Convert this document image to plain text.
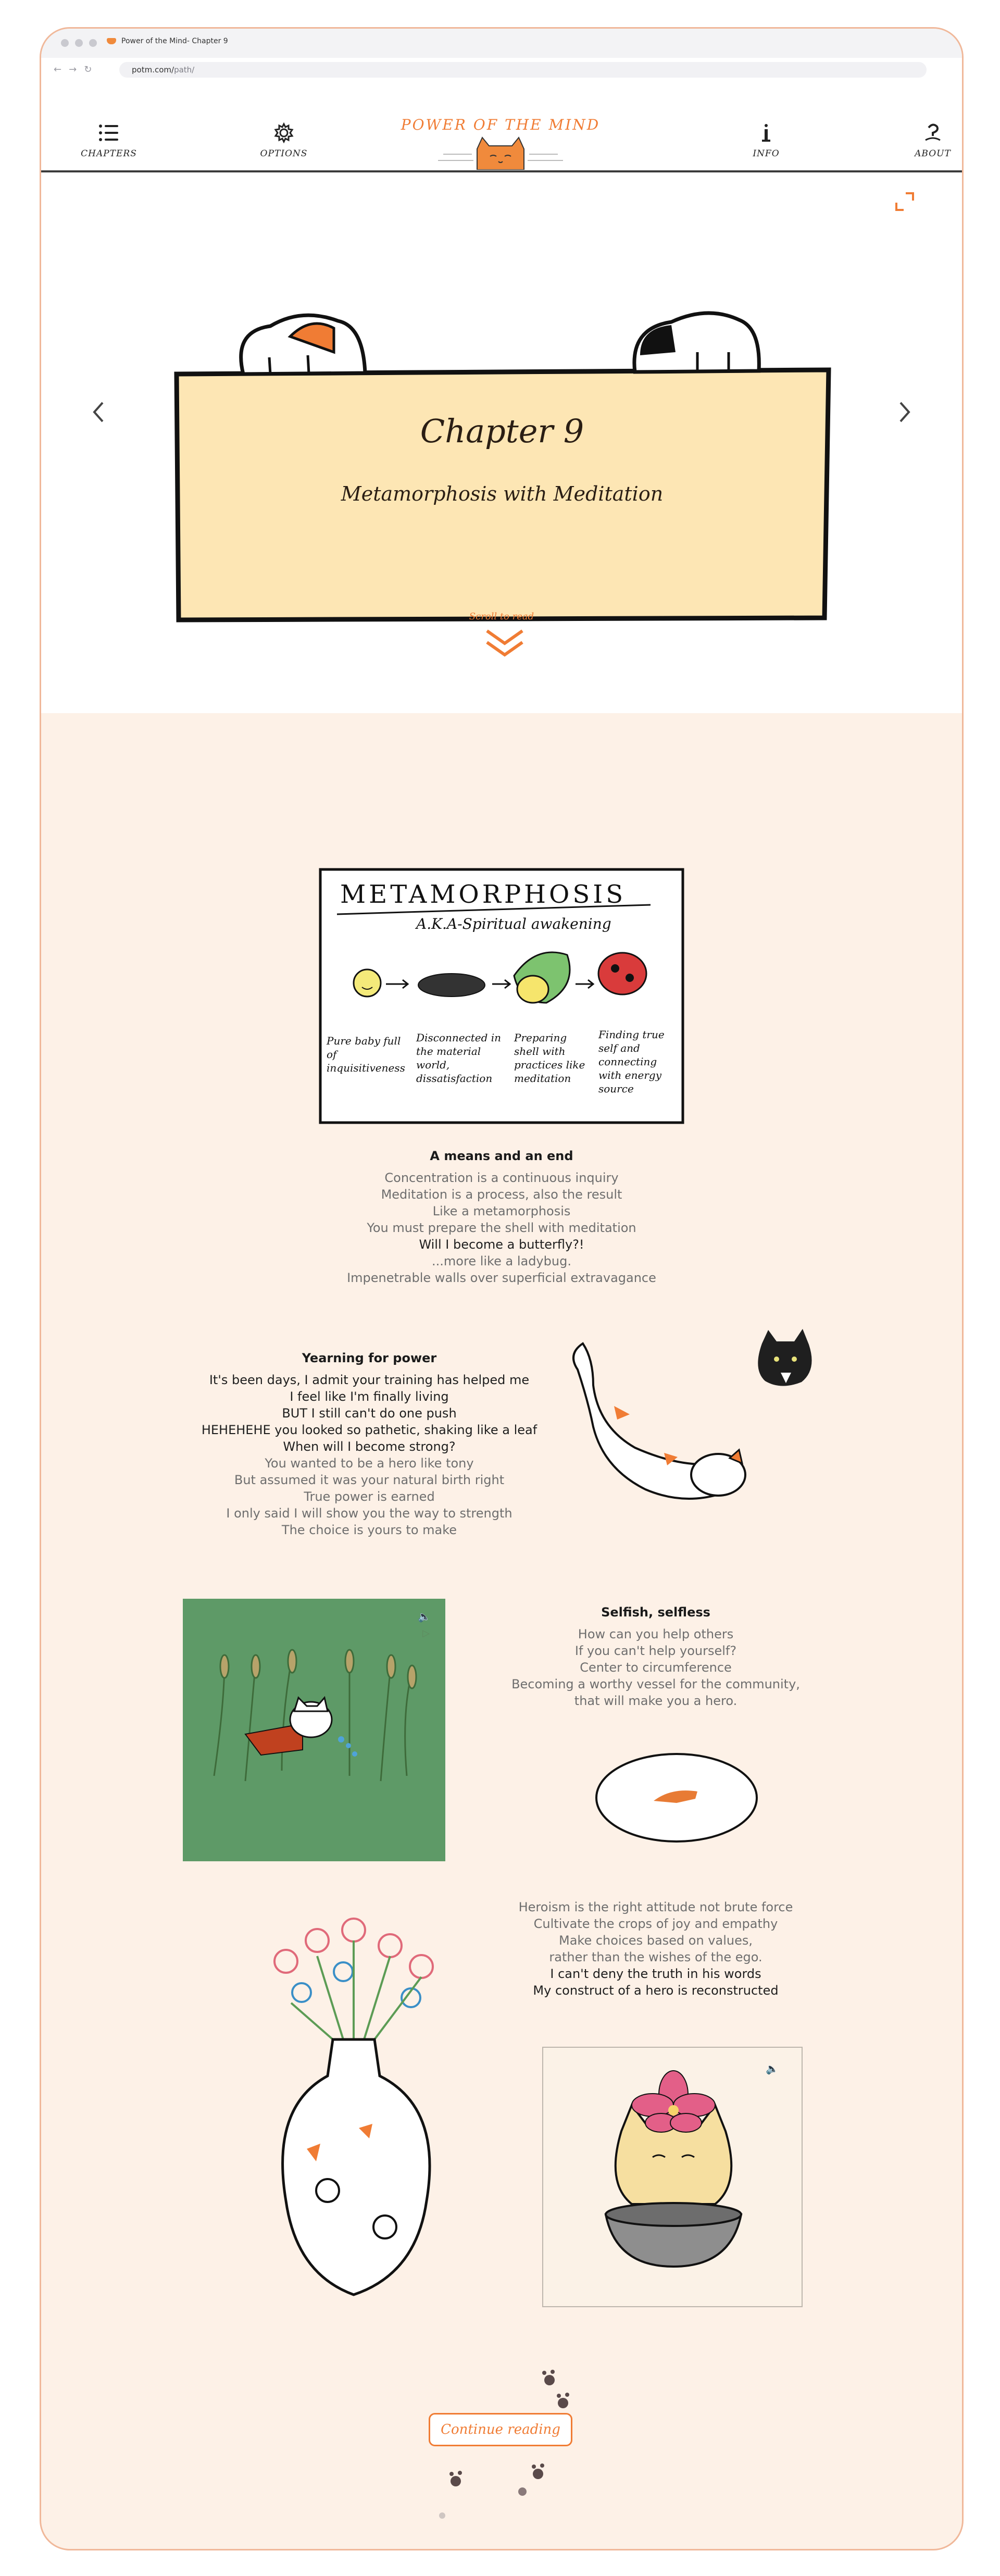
Power of the Mind- Chapter 9
← → ↻	potm.com/path/
CHAPTERS	OPTIONS
POWER OF THE MIND
INFO	ABOUT
Chapter 9
Metamorphosis with Meditation
Scroll to read
METAMORPHOSIS
A.K.A-Spiritual awakening
Pure baby full of inquisitiveness
Disconnected in the material world, dissatisfaction
Preparing shell with practices like meditation
Finding true self and connecting with energy source
A means and an end
Concentration is a continuous inquiry
Meditation is a process, also the result
Like a metamorphosis
You must prepare the shell with meditation
Will I become a butterfly?!
...more like a ladybug.
Impenetrable walls over superficial extravagance
Yearning for power
It's been days, I admit your training has helped me
I feel like I'm finally living
BUT I still can't do one push
HEHEHEHE you looked so pathetic, shaking like a leaf
When will I become strong?
You wanted to be a hero like tony
But assumed it was your natural birth right
True power is earned
I only said I will show you the way to strength
The choice is yours to make
🔈
▷
Selfish, selfless
How can you help others
If you can't help yourself?
Center to circumference
Becoming a worthy vessel for the community,
that will make you a hero.
Heroism is the right attitude not brute force
Cultivate the crops of joy and empathy
Make choices based on values,
rather than the wishes of the ego.
I can't deny the truth in his words
My construct of a hero is reconstructed
🔈
Continue reading
